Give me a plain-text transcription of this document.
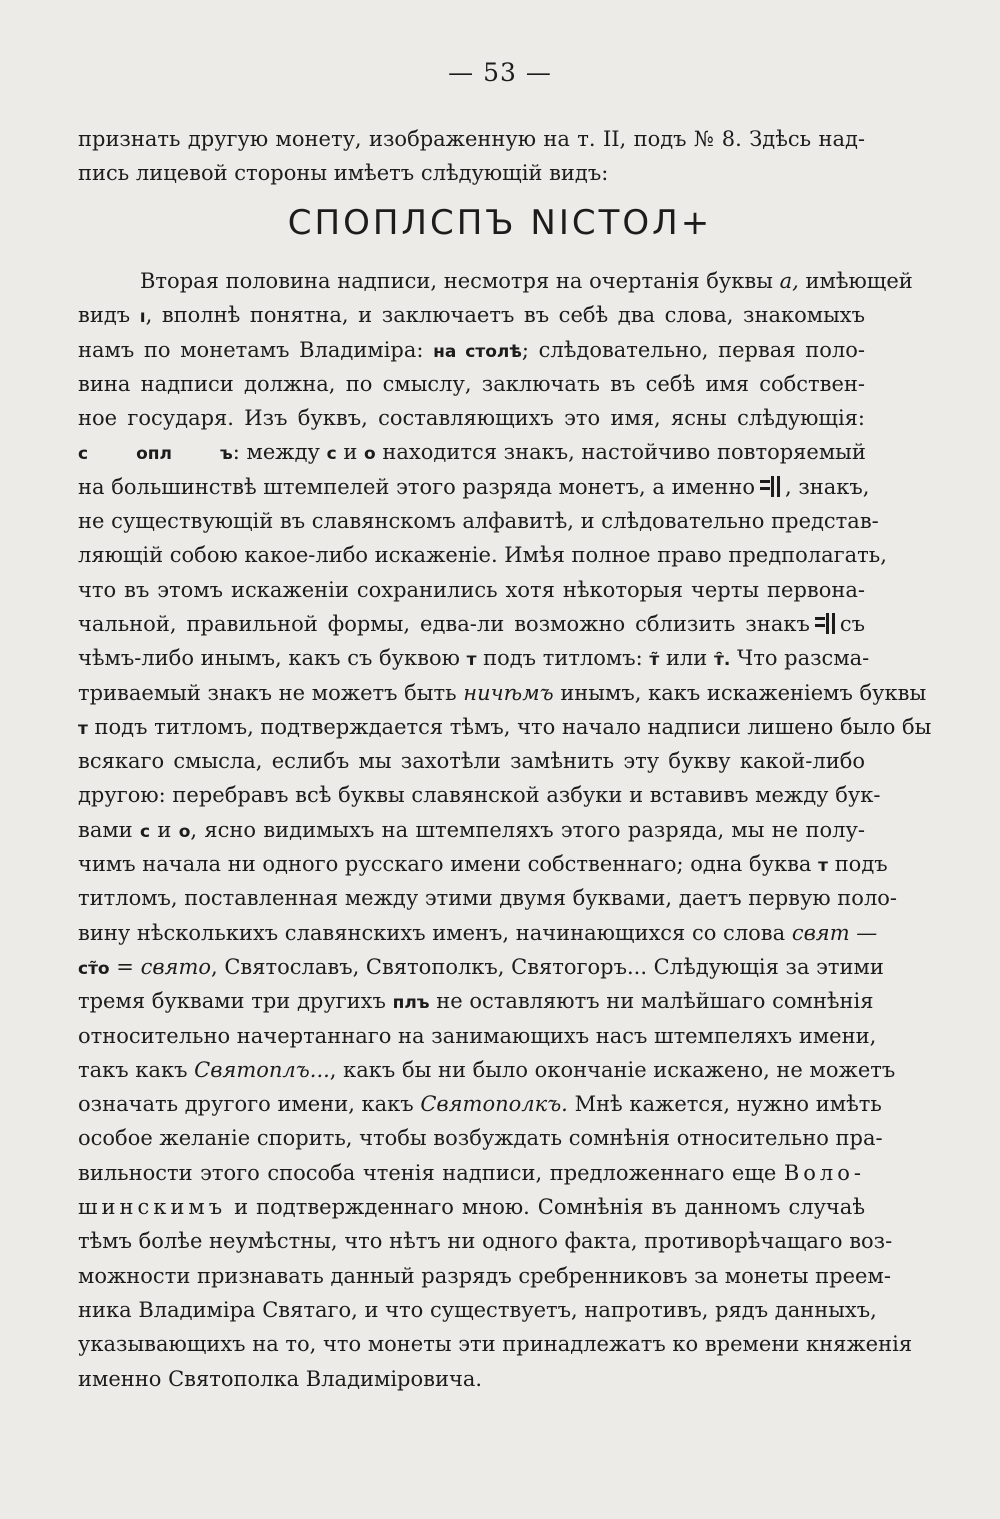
— 53 —
признать другую монету, изображенную на т. II, подъ № 8. Здѣсь над-
пись лицевой стороны имѣетъ слѣдующій видъ:
СПОПЛСПЪ NІСТОЛ+
Вторая половина надписи, несмотря на очертанія буквы а, имѣющей
видъ ı, вполнѣ понятна, и заключаетъ въ себѣ два слова, знакомыхъ
намъ по монетамъ Владиміра: на столѣ; слѣдовательно, первая поло-
вина надписи должна, по смыслу, заключать въ себѣ имя собствен-
ное государя. Изъ буквъ, составляющихъ это имя, ясны слѣдующія:
с	опл	ъ: между с и о находится знакъ, настойчиво повторяемый
на большинствѣ штемпелей этого разряда монетъ, а именно , знакъ,
не существующій въ славянскомъ алфавитѣ, и слѣдовательно представ-
ляющій собою какое-либо искаженіе. Имѣя полное право предполагать,
что въ этомъ искаженіи сохранились хотя нѣкоторыя черты первона-
чальной, правильной формы, едва-ли возможно сблизить знакъ съ
чѣмъ-либо инымъ, какъ съ буквою т подъ титломъ: т̃ или т̑. Что разсма-
триваемый знакъ не можетъ быть ничѣмъ инымъ, какъ искаженіемъ буквы
т подъ титломъ, подтверждается тѣмъ, что начало надписи лишено было бы
всякаго смысла, еслибъ мы захотѣли замѣнить эту букву какой-либо
другою: перебравъ всѣ буквы славянской азбуки и вставивъ между бук-
вами с и о, ясно видимыхъ на штемпеляхъ этого разряда, мы не полу-
чимъ начала ни одного русскаго имени собственнаго; одна буква т подъ
титломъ, поставленная между этими двумя буквами, даетъ первую поло-
вину нѣсколькихъ славянскихъ именъ, начинающихся со слова свят —
ст̃о = свято, Святославъ, Святополкъ, Святогоръ... Слѣдующія за этими
тремя буквами три другихъ плъ не оставляютъ ни малѣйшаго сомнѣнія
относительно начертаннаго на занимающихъ насъ штемпеляхъ имени,
такъ какъ Святоплъ..., какъ бы ни было окончаніе искажено, не можетъ
означать другого имени, какъ Святополкъ. Мнѣ кажется, нужно имѣть
особое желаніе спорить, чтобы возбуждать сомнѣнія относительно пра-
вильности этого способа чтенія надписи, предложеннаго еще Воло-
шинскимъ и подтвержденнаго мною. Сомнѣнія въ данномъ случаѣ
тѣмъ болѣе неумѣстны, что нѣтъ ни одного факта, противорѣчащаго воз-
можности признавать данный разрядъ сребренниковъ за монеты преем-
ника Владиміра Святаго, и что существуетъ, напротивъ, рядъ данныхъ,
указывающихъ на то, что монеты эти принадлежатъ ко времени княженія
именно Святополка Владиміровича.
